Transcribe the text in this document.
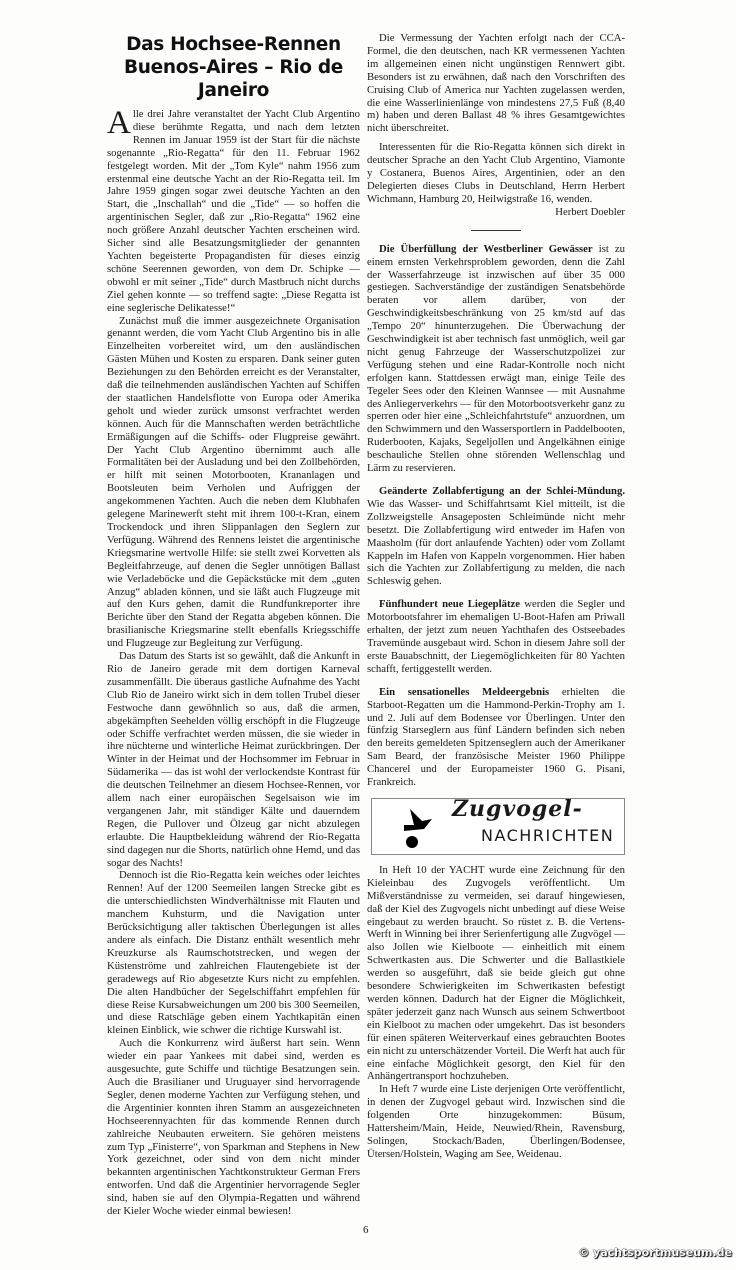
Das Hochsee-Rennen
Buenos-Aires – Rio de Janeiro

Alle drei Jahre veranstaltet der Yacht Club Argentino diese berühmte Regatta, und nach dem letzten Rennen im Januar 1959 ist der Start für die nächste sogenannte „Rio-Regatta“ für den 11. Februar 1962 festgelegt worden. Mit der „Tom Kyle“ nahm 1956 zum erstenmal eine deutsche Yacht an der Rio-Regatta teil. Im Jahre 1959 gingen sogar zwei deutsche Yachten an den Start, die „Inschallah“ und die „Tide“ — so hoffen die argentinischen Segler, daß zur „Rio-Regatta“ 1962 eine noch größere Anzahl deutscher Yachten erscheinen wird. Sicher sind alle Besatzungsmitglieder der genannten Yachten begeisterte Propagandisten für dieses einzig schöne Seerennen geworden, von dem Dr. Schipke — obwohl er mit seiner „Tide“ durch Mastbruch nicht durchs Ziel gehen konnte — so treffend sagte: „Diese Regatta ist eine seglerische Delikatesse!“

Zunächst muß die immer ausgezeichnete Organisation genannt werden, die vom Yacht Club Argentino bis in alle Einzelheiten vorbereitet wird, um den ausländischen Gästen Mühen und Kosten zu ersparen. Dank seiner guten Beziehungen zu den Behörden erreicht es der Veranstalter, daß die teilnehmenden ausländischen Yachten auf Schiffen der staatlichen Handelsflotte von Europa oder Amerika geholt und wieder zurück umsonst verfrachtet werden können. Auch für die Mannschaften werden beträchtliche Ermäßigungen auf die Schiffs- oder Flugpreise gewährt. Der Yacht Club Argentino übernimmt auch alle Formalitäten bei der Ausladung und bei den Zollbehörden, er hilft mit seinen Motorbooten, Krananlagen und Bootsleuten beim Verholen und Aufriggen der angekommenen Yachten. Auch die neben dem Klubhafen gelegene Marinewerft steht mit ihrem 100-t-Kran, einem Trockendock und ihren Slippanlagen den Seglern zur Verfügung. Während des Rennens leistet die argentinische Kriegsmarine wertvolle Hilfe: sie stellt zwei Korvetten als Begleitfahrzeuge, auf denen die Segler unnötigen Ballast wie Verladeböcke und die Gepäckstücke mit dem „guten Anzug“ abladen können, und sie läßt auch Flugzeuge mit auf den Kurs gehen, damit die Rundfunkreporter ihre Berichte über den Stand der Regatta abgeben können. Die brasilianische Kriegsmarine stellt ebenfalls Kriegsschiffe und Flugzeuge zur Begleitung zur Verfügung.

Das Datum des Starts ist so gewählt, daß die Ankunft in Rio de Janeiro gerade mit dem dortigen Karneval zusammenfällt. Die überaus gastliche Aufnahme des Yacht Club Rio de Janeiro wirkt sich in dem tollen Trubel dieser Festwoche dann gewöhnlich so aus, daß die armen, abgekämpften Seehelden völlig erschöpft in die Flugzeuge oder Schiffe verfrachtet werden müssen, die sie wieder in ihre nüchterne und winterliche Heimat zurückbringen. Der Winter in der Heimat und der Hochsommer im Februar in Südamerika — das ist wohl der verlockendste Kontrast für die deutschen Teilnehmer an diesem Hochsee-Rennen, vor allem nach einer europäischen Segelsaison wie im vergangenen Jahr, mit ständiger Kälte und dauerndem Regen, die Pullover und Ölzeug gar nicht abzulegen erlaubte. Die Hauptbekleidung während der Rio-Regatta sind dagegen nur die Shorts, natürlich ohne Hemd, und das sogar des Nachts!

Dennoch ist die Rio-Regatta kein weiches oder leichtes Rennen! Auf der 1200 Seemeilen langen Strecke gibt es die unterschiedlichsten Windverhältnisse mit Flauten und manchem Kuhsturm, und die Navigation unter Berücksichtigung aller taktischen Überlegungen ist alles andere als einfach. Die Distanz enthält wesentlich mehr Kreuzkurse als Raumschotstrecken, und wegen der Küstenströme und zahlreichen Flautengebiete ist der geradewegs auf Rio abgesetzte Kurs nicht zu empfehlen. Die alten Handbücher der Segelschiffahrt empfehlen für diese Reise Kursabweichungen um 200 bis 300 Seemeilen, und diese Ratschläge geben einem Yachtkapitän einen kleinen Einblick, wie schwer die richtige Kurswahl ist.

Auch die Konkurrenz wird äußerst hart sein. Wenn wieder ein paar Yankees mit dabei sind, werden es ausgesuchte, gute Schiffe und tüchtige Besatzungen sein. Auch die Brasilianer und Uruguayer sind hervorragende Segler, denen moderne Yachten zur Verfügung stehen, und die Argentinier konnten ihren Stamm an ausgezeichneten Hochseerennyachten für das kommende Rennen durch zahlreiche Neubauten erweitern. Sie gehören meistens zum Typ „Finisterre“, von Sparkman and Stephens in New York gezeichnet, oder sind von dem nicht minder bekannten argentinischen Yachtkonstrukteur German Frers entworfen. Und daß die Argentinier hervorragende Segler sind, haben sie auf den Olympia-Regatten und während der Kieler Woche wieder einmal bewiesen!

Die Vermessung der Yachten erfolgt nach der CCA-Formel, die den deutschen, nach KR vermessenen Yachten im allgemeinen einen nicht ungünstigen Rennwert gibt. Besonders ist zu erwähnen, daß nach den Vorschriften des Cruising Club of America nur Yachten zugelassen werden, die eine Wasserlinienlänge von mindestens 27,5 Fuß (8,40 m) haben und deren Ballast 48 % ihres Gesamtgewichtes nicht überschreitet.

Interessenten für die Rio-Regatta können sich direkt in deutscher Sprache an den Yacht Club Argentino, Viamonte y Costanera, Buenos Aires, Argentinien, oder an den Delegierten dieses Clubs in Deutschland, Herrn Herbert Wichmann, Hamburg 20, Heilwigstraße 16, wenden.
Herbert Doebler

Die Überfüllung der Westberliner Gewässer ist zu einem ernsten Verkehrsproblem geworden, denn die Zahl der Wasserfahrzeuge ist inzwischen auf über 35 000 gestiegen. Sachverständige der zuständigen Senatsbehörde beraten vor allem darüber, von der Geschwindigkeitsbeschränkung von 25 km/std auf das „Tempo 20“ hinunterzugehen. Die Überwachung der Geschwindigkeit ist aber technisch fast unmöglich, weil gar nicht genug Fahrzeuge der Wasserschutzpolizei zur Verfügung stehen und eine Radar-Kontrolle noch nicht erfolgen kann. Stattdessen erwägt man, einige Teile des Tegeler Sees oder den Kleinen Wannsee — mit Ausnahme des Anliegerverkehrs — für den Motorbootsverkehr ganz zu sperren oder hier eine „Schleichfahrtstufe“ anzuordnen, um den Schwimmern und den Wassersportlern in Paddelbooten, Ruderbooten, Kajaks, Segeljollen und Angelkähnen einige beschauliche Stellen ohne störenden Wellenschlag und Lärm zu reservieren.

Geänderte Zollabfertigung an der Schlei-Mündung. Wie das Wasser- und Schiffahrtsamt Kiel mitteilt, ist die Zollzweigstelle Ansageposten Schleimünde nicht mehr besetzt. Die Zollabfertigung wird entweder im Hafen von Maasholm (für dort anlaufende Yachten) oder vom Zollamt Kappeln im Hafen von Kappeln vorgenommen. Hier haben sich die Yachten zur Zollabfertigung zu melden, die nach Schleswig gehen.

Fünfhundert neue Liegeplätze werden die Segler und Motorbootsfahrer im ehemaligen U-Boot-Hafen am Priwall erhalten, der jetzt zum neuen Yachthafen des Ostseebades Travemünde ausgebaut wird. Schon in diesem Jahre soll der erste Bauabschnitt, der Liegemöglichkeiten für 80 Yachten schafft, fertiggestellt werden.

Ein sensationelles Meldeergebnis erhielten die Starboot-Regatten um die Hammond-Perkin-Trophy am 1. und 2. Juli auf dem Bodensee vor Überlingen. Unter den fünfzig Starseglern aus fünf Ländern befinden sich neben den bereits gemeldeten Spitzenseglern auch der Amerikaner Sam Beard, der französische Meister 1960 Philippe Chancerel und der Europameister 1960 G. Pisani, Frankreich.

Zugvogel-
NACHRICHTEN

In Heft 10 der YACHT wurde eine Zeichnung für den Kieleinbau des Zugvogels veröffentlicht. Um Mißverständnisse zu vermeiden, sei darauf hingewiesen, daß der Kiel des Zugvogels nicht unbedingt auf diese Weise eingebaut zu werden braucht. So rüstet z. B. die Vertens-Werft in Winning bei ihrer Serienfertigung alle Zugvögel — also Jollen wie Kielboote — einheitlich mit einem Schwertkasten aus. Die Schwerter und die Ballastkiele werden so ausgeführt, daß sie beide gleich gut ohne besondere Schwierigkeiten im Schwertkasten befestigt werden können. Dadurch hat der Eigner die Möglichkeit, später jederzeit ganz nach Wunsch aus seinem Schwertboot ein Kielboot zu machen oder umgekehrt. Das ist besonders für einen späteren Weiterverkauf eines gebrauchten Bootes ein nicht zu unterschätzender Vorteil. Die Werft hat auch für eine einfache Möglichkeit gesorgt, den Kiel für den Anhängertransport hochzuheben.

In Heft 7 wurde eine Liste derjenigen Orte veröffentlicht, in denen der Zugvogel gebaut wird. Inzwischen sind die folgenden Orte hinzugekommen: Büsum, Hattersheim/Main, Heide, Neuwied/Rhein, Ravensburg, Solingen, Stockach/Baden, Überlingen/Bodensee, Ütersen/Holstein, Waging am See, Weidenau.

6
© yachtsportmuseum.de
